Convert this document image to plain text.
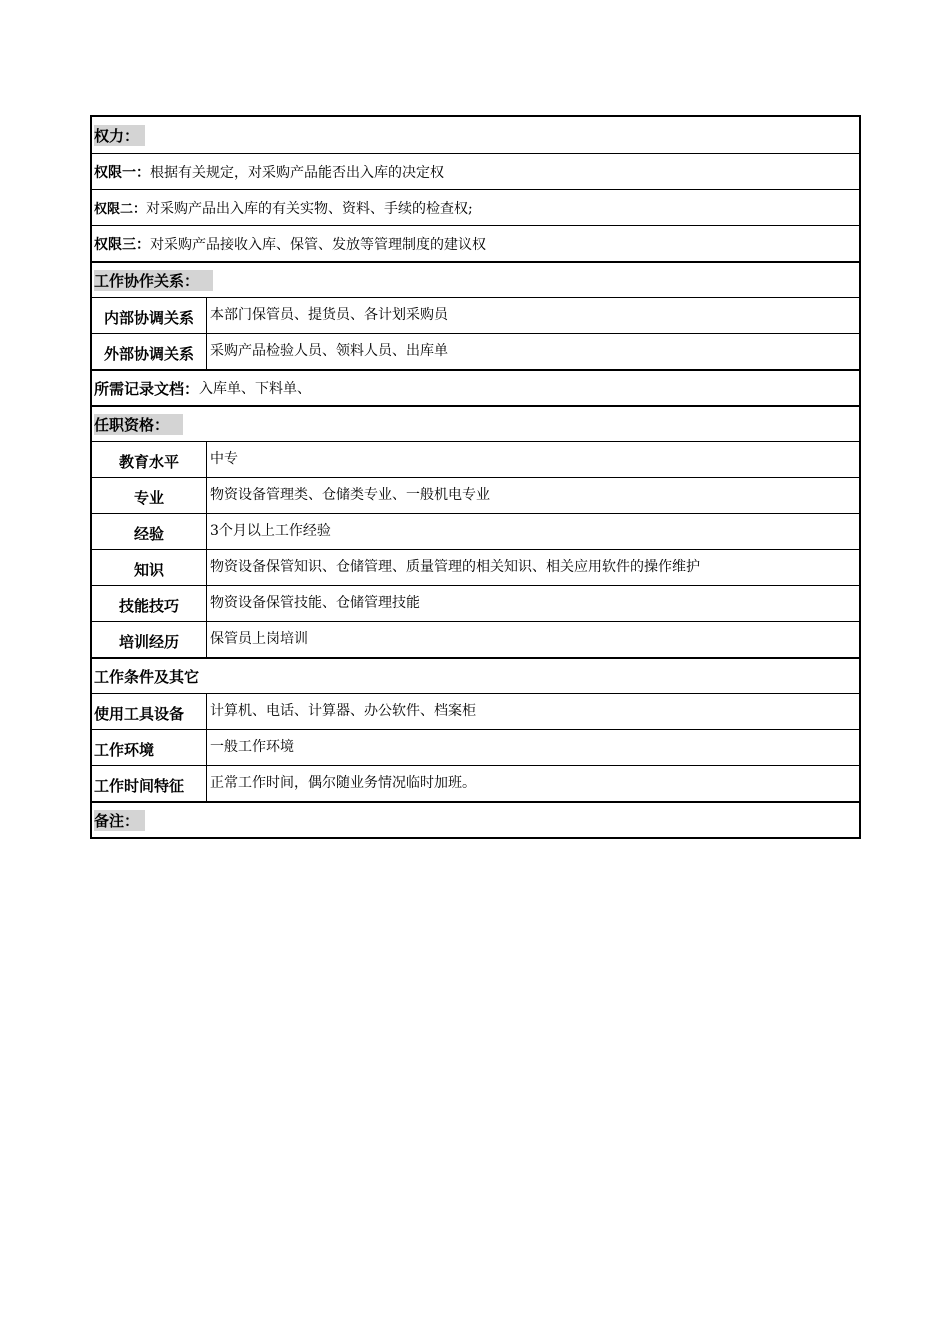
权力：
权限一： 根据有关规定，对采购产品能否出入库的决定权
权限二： 对采购产品出入库的有关实物、资料、手续的检查权;
权限三： 对采购产品接收入库、保管、发放等管理制度的建议权
工作协作关系：
内部协调关系	本部门保管员、提货员、各计划采购员
外部协调关系	采购产品检验人员、领料人员、出库单
所需记录文档： 入库单、下料单、
任职资格：
教育水平	中专
专业	物资设备管理类、仓储类专业、一般机电专业
经验	3个月以上工作经验
知识	物资设备保管知识、仓储管理、质量管理的相关知识、相关应用软件的操作维护
技能技巧	物资设备保管技能、仓储管理技能
培训经历	保管员上岗培训
工作条件及其它
使用工具设备	计算机、电话、计算器、办公软件、档案柜
工作环境	一般工作环境
工作时间特征	正常工作时间，偶尔随业务情况临时加班。
备注：
